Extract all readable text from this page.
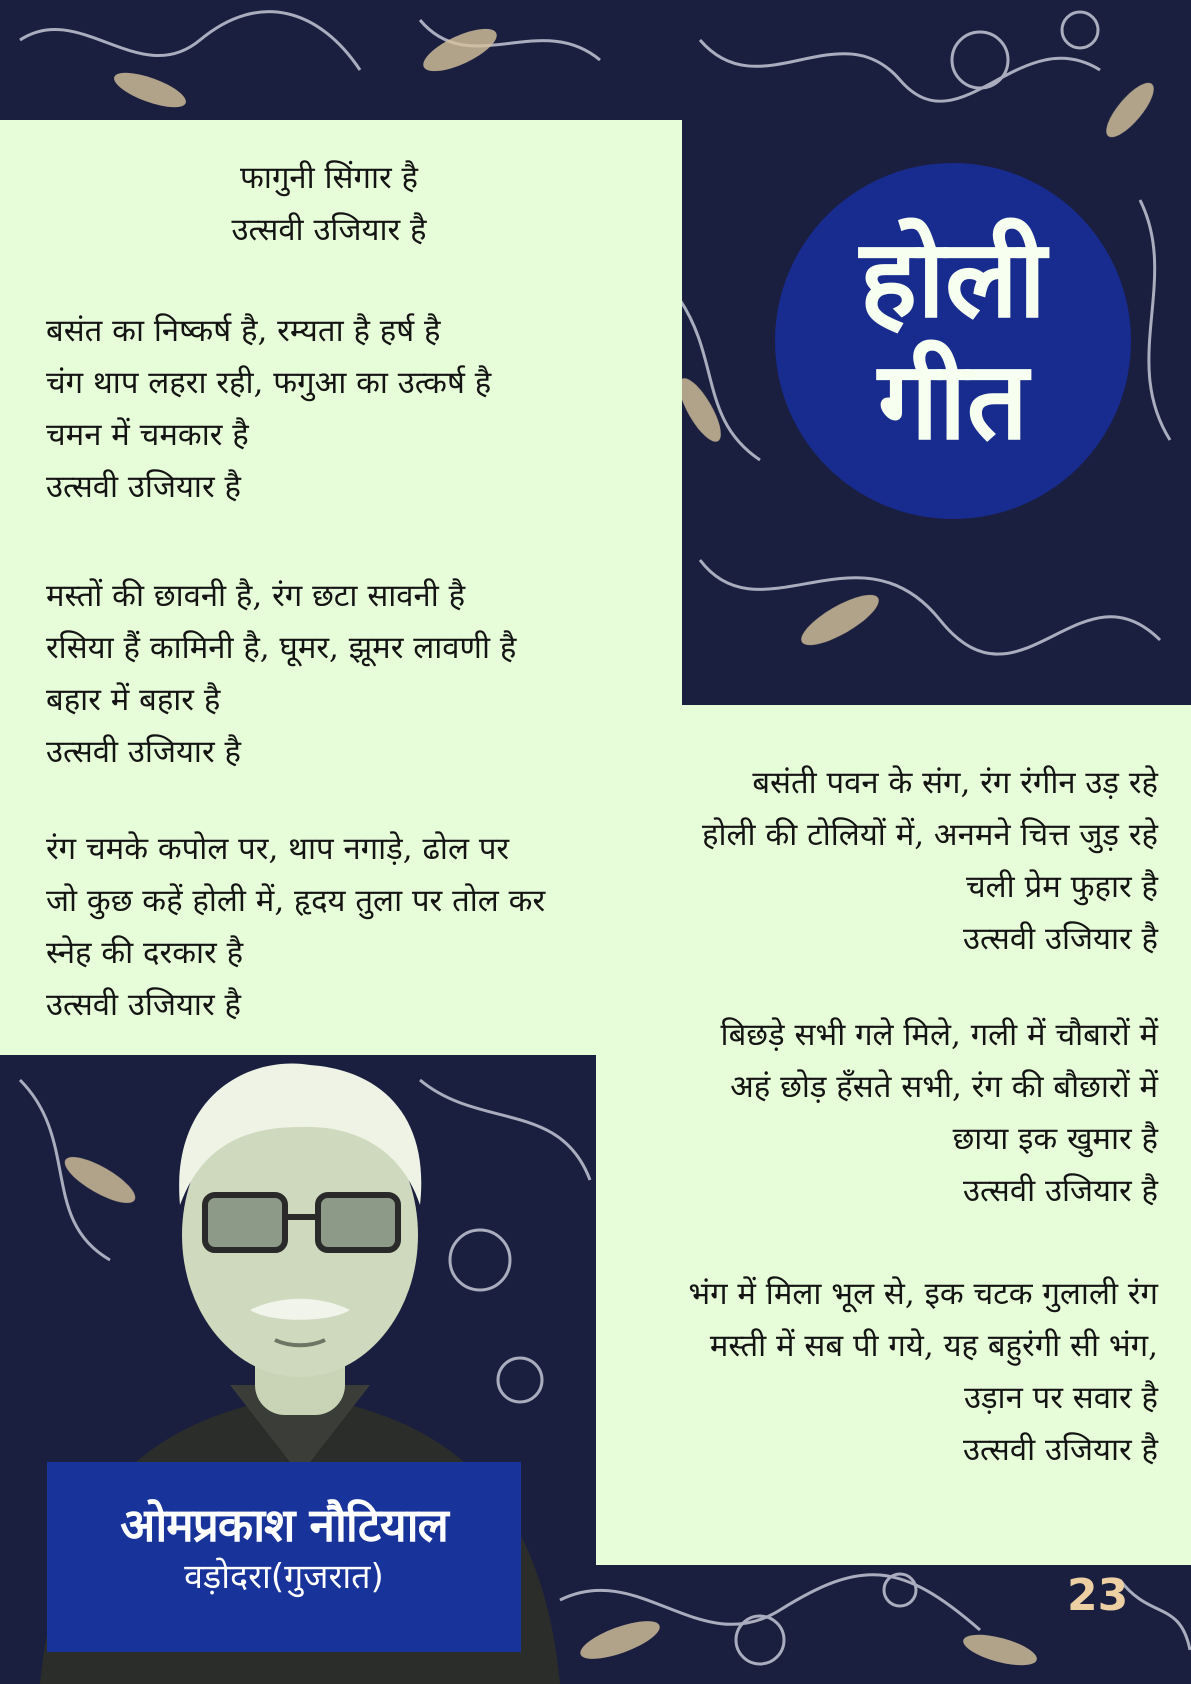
होली
गीत
फागुनी सिंगार है
उत्सवी उजियार है
बसंत का निष्कर्ष है, रम्यता है हर्ष है
चंग थाप लहरा रही, फगुआ का उत्कर्ष है
चमन में चमकार है
उत्सवी उजियार है
मस्तों की छावनी है, रंग छटा सावनी है
रसिया हैं कामिनी है, घूमर, झूमर लावणी है
बहार में बहार है
उत्सवी उजियार है
रंग चमके कपोल पर, थाप नगाड़े, ढोल पर
जो कुछ कहें होली में, हृदय तुला पर तोल कर
स्नेह की दरकार है
उत्सवी उजियार है
बसंती पवन के संग, रंग रंगीन उड़ रहे
होली की टोलियों में, अनमने चित्त जुड़ रहे
चली प्रेम फुहार है
उत्सवी उजियार है
बिछड़े सभी गले मिले, गली में चौबारों में
अहं छोड़ हँसते सभी, रंग की बौछारों में
छाया इक खुमार है
उत्सवी उजियार है
भंग में मिला भूल से, इक चटक गुलाली रंग
मस्ती में सब पी गये, यह बहुरंगी सी भंग,
उड़ान पर सवार है
उत्सवी उजियार है
ओमप्रकाश नौटियाल
वड़ोदरा(गुजरात)	23
